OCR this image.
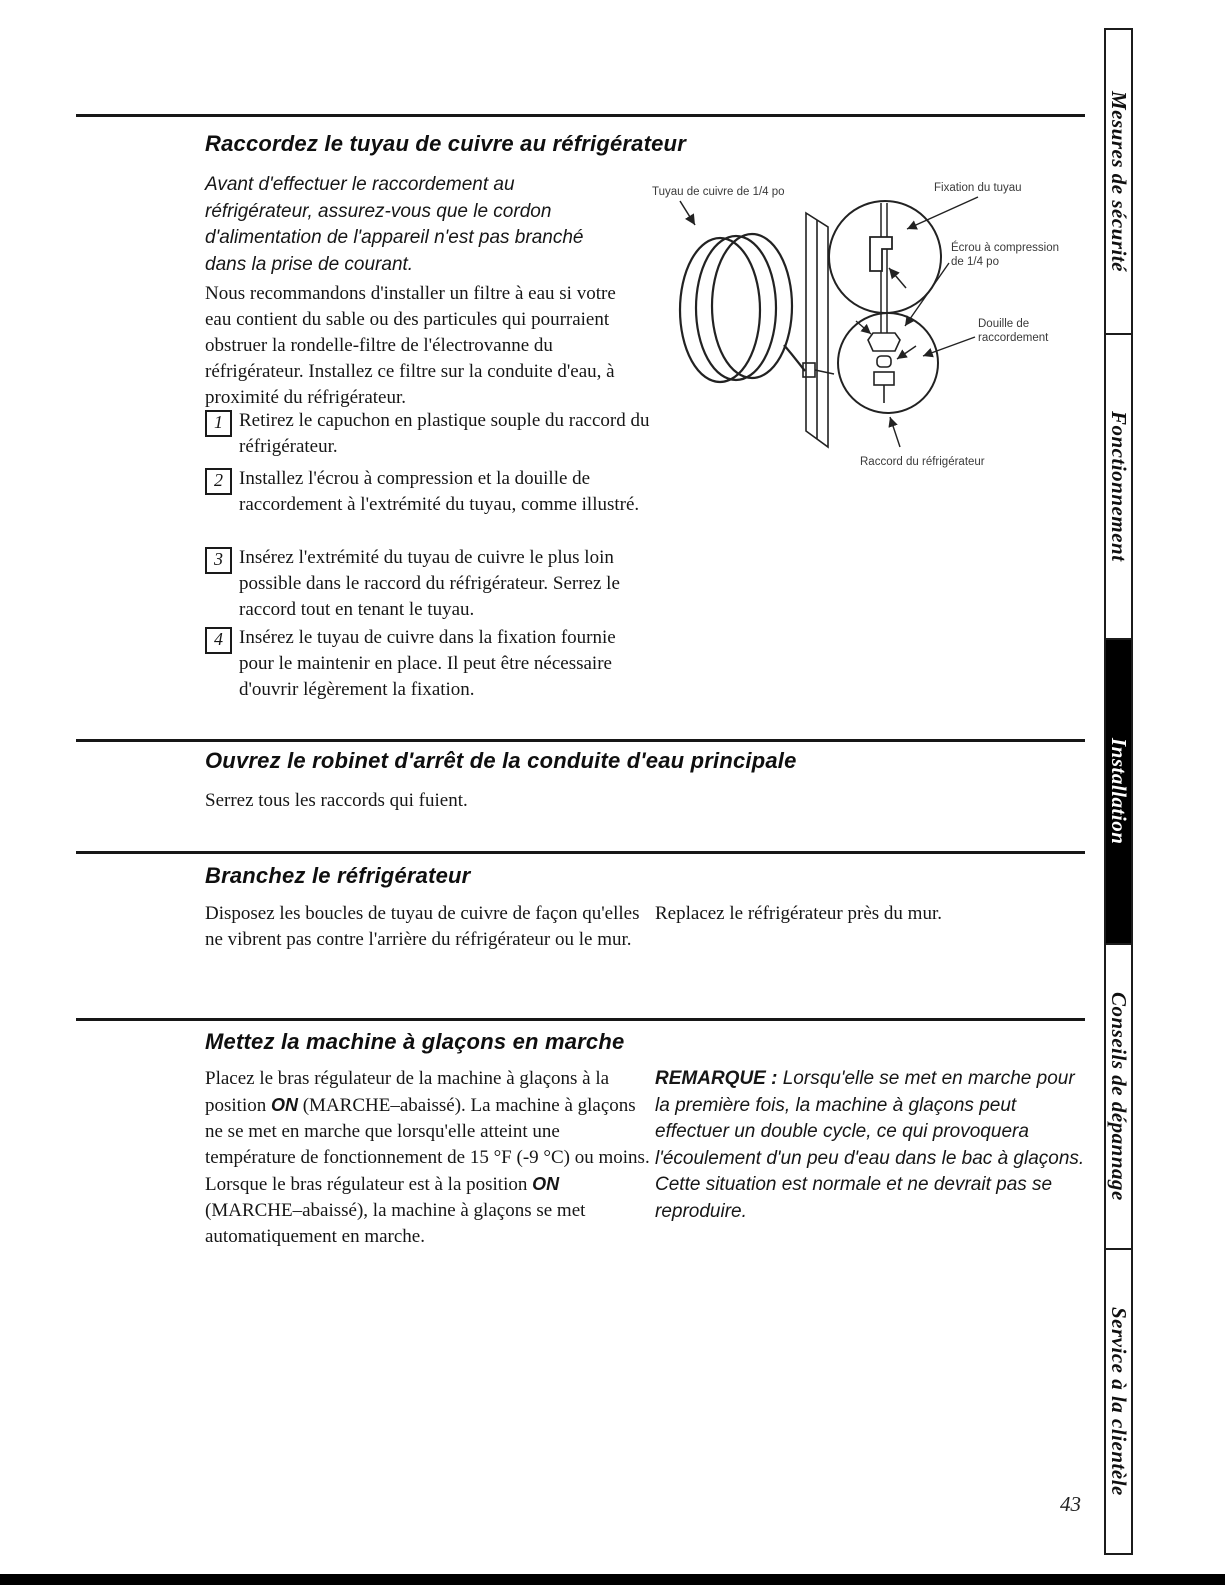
Raccordez le tuyau de cuivre au réfrigérateur
Avant d'effectuer le raccordement au réfrigérateur, assurez-vous que le cordon d'alimentation de l'appareil n'est pas branché dans la prise de courant.
Nous recommandons d'installer un filtre à eau si votre eau contient du sable ou des particules qui pourraient obstruer la rondelle-filtre de l'électrovanne du réfrigérateur. Installez ce filtre sur la conduite d'eau, à proximité du réfrigérateur.
1 Retirez le capuchon en plastique souple du raccord du réfrigérateur.
2 Installez l'écrou à compression et la douille de raccordement à l'extrémité du tuyau, comme illustré.
3 Insérez l'extrémité du tuyau de cuivre le plus loin possible dans le raccord du réfrigérateur. Serrez le raccord tout en tenant le tuyau.
4 Insérez le tuyau de cuivre dans la fixation fournie pour le maintenir en place. Il peut être nécessaire d'ouvrir légèrement la fixation.
Tuyau de cuivre de 1/4 po	Fixation du tuyau
Écrou à compression
de 1/4 po
Douille de
raccordement
Raccord du réfrigérateur
Ouvrez le robinet d'arrêt de la conduite d'eau principale
Serrez tous les raccords qui fuient.
Branchez le réfrigérateur
Disposez les boucles de tuyau de cuivre de façon qu'elles ne vibrent pas contre l'arrière du réfrigérateur ou le mur.
Replacez le réfrigérateur près du mur.
Mettez la machine à glaçons en marche
Placez le bras régulateur de la machine à glaçons à la position ON (MARCHE–abaissé). La machine à glaçons ne se met en marche que lorsqu'elle atteint une température de fonctionnement de 15 °F (-9 °C) ou moins. Lorsque le bras régulateur est à la position ON (MARCHE–abaissé), la machine à glaçons se met automatiquement en marche.
REMARQUE : Lorsqu'elle se met en marche pour la première fois, la machine à glaçons peut effectuer un double cycle, ce qui provoquera l'écoulement d'un peu d'eau dans le bac à glaçons. Cette situation est normale et ne devrait pas se reproduire.
Mesures de sécurité
Fonctionnement
Installation
Conseils de dépannage
Service à la clientèle
43
